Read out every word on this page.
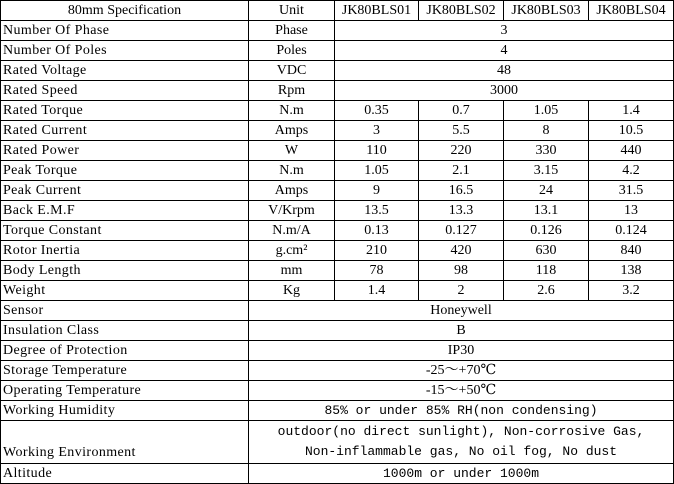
80mm Specification	Unit	JK80BLS01	JK80BLS02	JK80BLS03	JK80BLS04
Number Of Phase	Phase	3			
Number Of Poles	Poles	4			
Rated Voltage	VDC	48			
Rated Speed	Rpm	3000			
Rated Torque	N.m	0.35	0.7	1.05	1.4
Rated Current	Amps	3	5.5	8	10.5
Rated Power	W	110	220	330	440
Peak Torque	N.m	1.05	2.1	3.15	4.2
Peak Current	Amps	9	16.5	24	31.5
Back E.M.F	V/Krpm	13.5	13.3	13.1	13
Torque Constant	N.m/A	0.13	0.127	0.126	0.124
Rotor Inertia	g.cm²	210	420	630	840
Body Length	mm	78	98	118	138
Weight	Kg	1.4	2	2.6	3.2
Sensor	Honeywell				
Insulation Class	B				
Degree of Protection	IP30				
Storage Temperature	-25～+70℃				
Operating Temperature	-15～+50℃				
Working Humidity	85% or under 85% RH(non condensing)				
Working Environment	outdoor(no direct sunlight), Non-corrosive Gas,
Non-inflammable gas, No oil fog, No dust				

Altitude	1000m or under 1000m				
